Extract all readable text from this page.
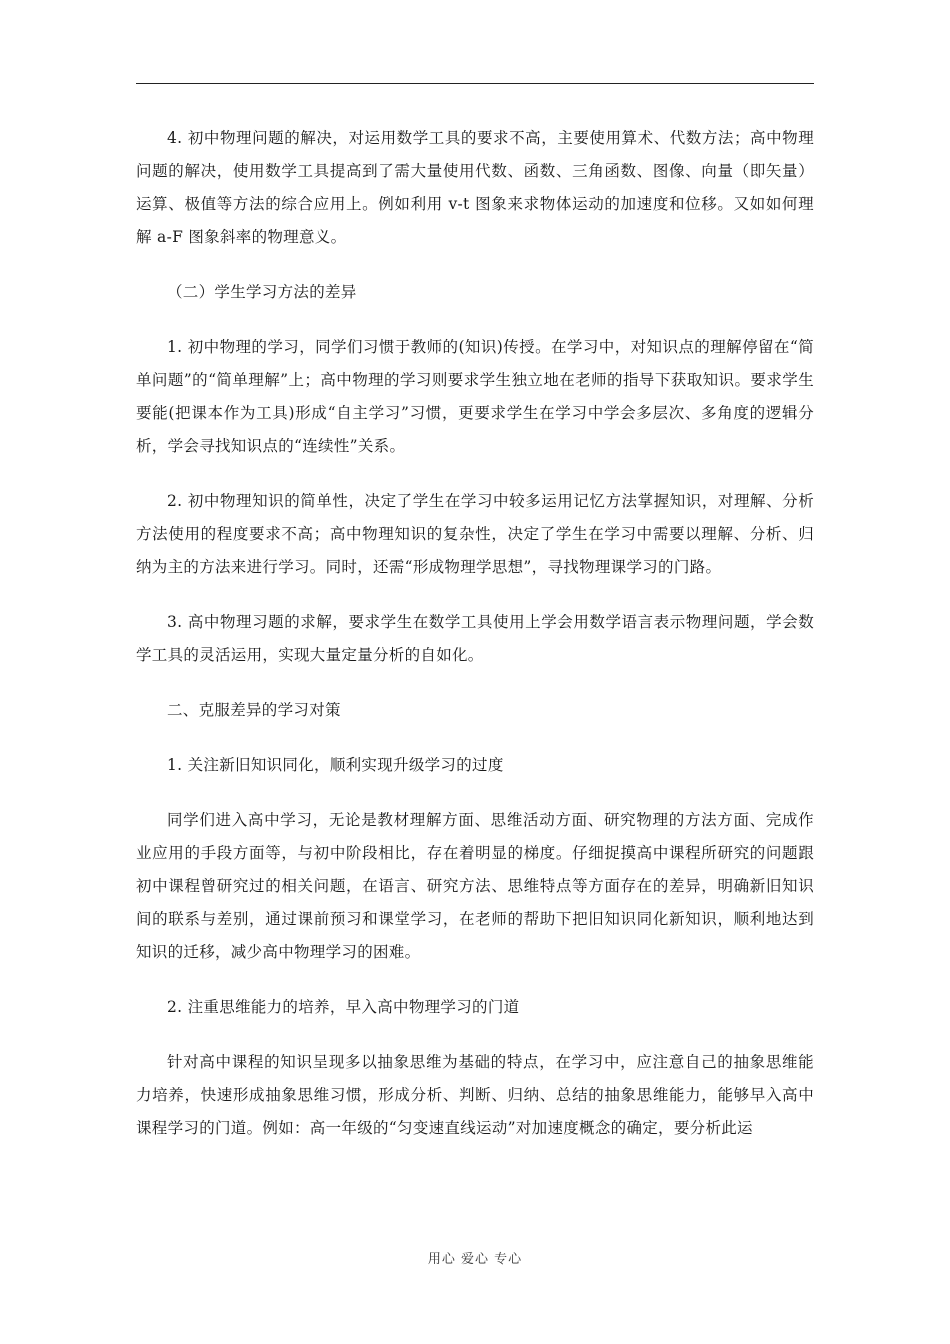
4. 初中物理问题的解决，对运用数学工具的要求不高，主要使用算术、代数方法；高中物理问题的解决，使用数学工具提高到了需大量使用代数、函数、三角函数、图像、向量（即矢量）运算、极值等方法的综合应用上。例如利用 v-t 图象来求物体运动的加速度和位移。又如如何理解 a-F 图象斜率的物理意义。

（二）学生学习方法的差异

1. 初中物理的学习，同学们习惯于教师的(知识)传授。在学习中，对知识点的理解停留在“简单问题”的“简单理解”上；高中物理的学习则要求学生独立地在老师的指导下获取知识。要求学生要能(把课本作为工具)形成“自主学习”习惯，更要求学生在学习中学会多层次、多角度的逻辑分析，学会寻找知识点的“连续性”关系。

2. 初中物理知识的简单性，决定了学生在学习中较多运用记忆方法掌握知识，对理解、分析方法使用的程度要求不高；高中物理知识的复杂性，决定了学生在学习中需要以理解、分析、归纳为主的方法来进行学习。同时，还需“形成物理学思想”，寻找物理课学习的门路。

3. 高中物理习题的求解，要求学生在数学工具使用上学会用数学语言表示物理问题，学会数学工具的灵活运用，实现大量定量分析的自如化。

二、克服差异的学习对策

1. 关注新旧知识同化，顺利实现升级学习的过度

同学们进入高中学习，无论是教材理解方面、思维活动方面、研究物理的方法方面、完成作业应用的手段方面等，与初中阶段相比，存在着明显的梯度。仔细捉摸高中课程所研究的问题跟初中课程曾研究过的相关问题，在语言、研究方法、思维特点等方面存在的差异，明确新旧知识间的联系与差别，通过课前预习和课堂学习，在老师的帮助下把旧知识同化新知识，顺利地达到知识的迁移，减少高中物理学习的困难。

2. 注重思维能力的培养，早入高中物理学习的门道

针对高中课程的知识呈现多以抽象思维为基础的特点，在学习中，应注意自己的抽象思维能力培养，快速形成抽象思维习惯，形成分析、判断、归纳、总结的抽象思维能力，能够早入高中课程学习的门道。例如：高一年级的“匀变速直线运动”对加速度概念的确定，要分析此运

用心 爱心 专心
